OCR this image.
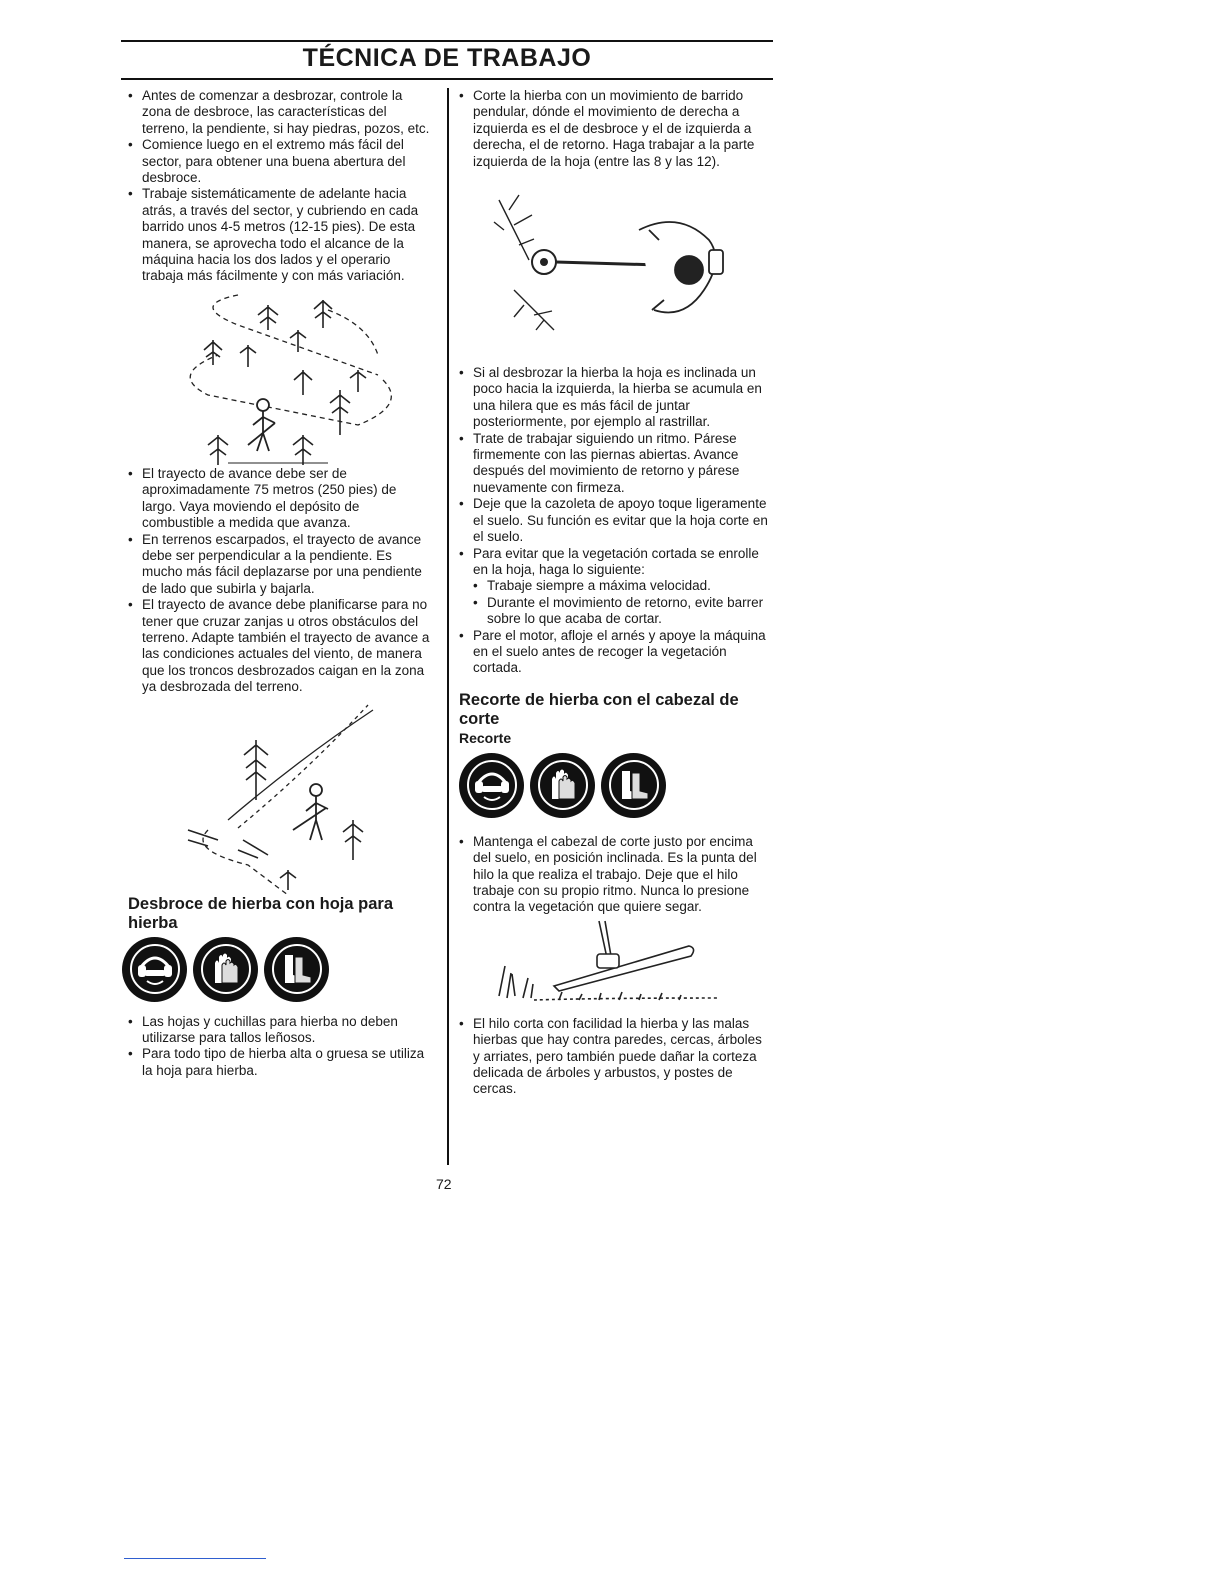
TÉCNICA DE TRABAJO
• Antes de comenzar a desbrozar, controle la zona de desbroce, las características del terreno, la pendiente, si hay piedras, pozos, etc.
• Comience luego en el extremo más fácil del sector, para obtener una buena abertura del desbroce.
• Trabaje sistemáticamente de adelante hacia atrás, a través del sector, y cubriendo en cada barrido unos 4-5 metros (12-15 pies). De esta manera, se aprovecha todo el alcance de la máquina hacia los dos lados y el operario trabaja más fácilmente y con más variación.
• El trayecto de avance debe ser de aproximadamente 75 metros (250 pies) de largo. Vaya moviendo el depósito de combustible a medida que avanza.
• En terrenos escarpados, el trayecto de avance debe ser perpendicular a la pendiente. Es mucho más fácil deplazarse por una pendiente de lado que subirla y bajarla.
• El trayecto de avance debe planificarse para no tener que cruzar zanjas u otros obstáculos del terreno. Adapte también el trayecto de avance a las condiciones actuales del viento, de manera que los troncos desbrozados caigan en la zona ya desbrozada del terreno.
Desbroce de hierba con hoja para hierba
• Las hojas y cuchillas para hierba no deben utilizarse para tallos leñosos.
• Para todo tipo de hierba alta o gruesa se utiliza la hoja para hierba.
• Corte la hierba con un movimiento de barrido pendular, dónde el movimiento de derecha a izquierda es el de desbroce y el de izquierda a derecha, el de retorno. Haga trabajar a la parte izquierda de la hoja (entre las 8 y las 12).
• Si al desbrozar la hierba la hoja es inclinada un poco hacia la izquierda, la hierba se acumula en una hilera que es más fácil de juntar posteriormente, por ejemplo al rastrillar.
• Trate de trabajar siguiendo un ritmo. Párese firmemente con las piernas abiertas. Avance después del movimiento de retorno y párese nuevamente con firmeza.
• Deje que la cazoleta de apoyo toque ligeramente el suelo. Su función es evitar que la hoja corte en el suelo.
• Para evitar que la vegetación cortada se enrolle en la hoja, haga lo siguiente:
• Trabaje siempre a máxima velocidad.
• Durante el movimiento de retorno, evite barrer sobre lo que acaba de cortar.
• Pare el motor, afloje el arnés y apoye la máquina en el suelo antes de recoger la vegetación cortada.
Recorte de hierba con el cabezal de corte
Recorte
• Mantenga el cabezal de corte justo por encima del suelo, en posición inclinada. Es la punta del hilo la que realiza el trabajo. Deje que el hilo trabaje con su propio ritmo. Nunca lo presione contra la vegetación que quiere segar.
• El hilo corta con facilidad la hierba y las malas hierbas que hay contra paredes, cercas, árboles y arriates, pero también puede dañar la corteza delicada de árboles y arbustos, y postes de cercas.
72
